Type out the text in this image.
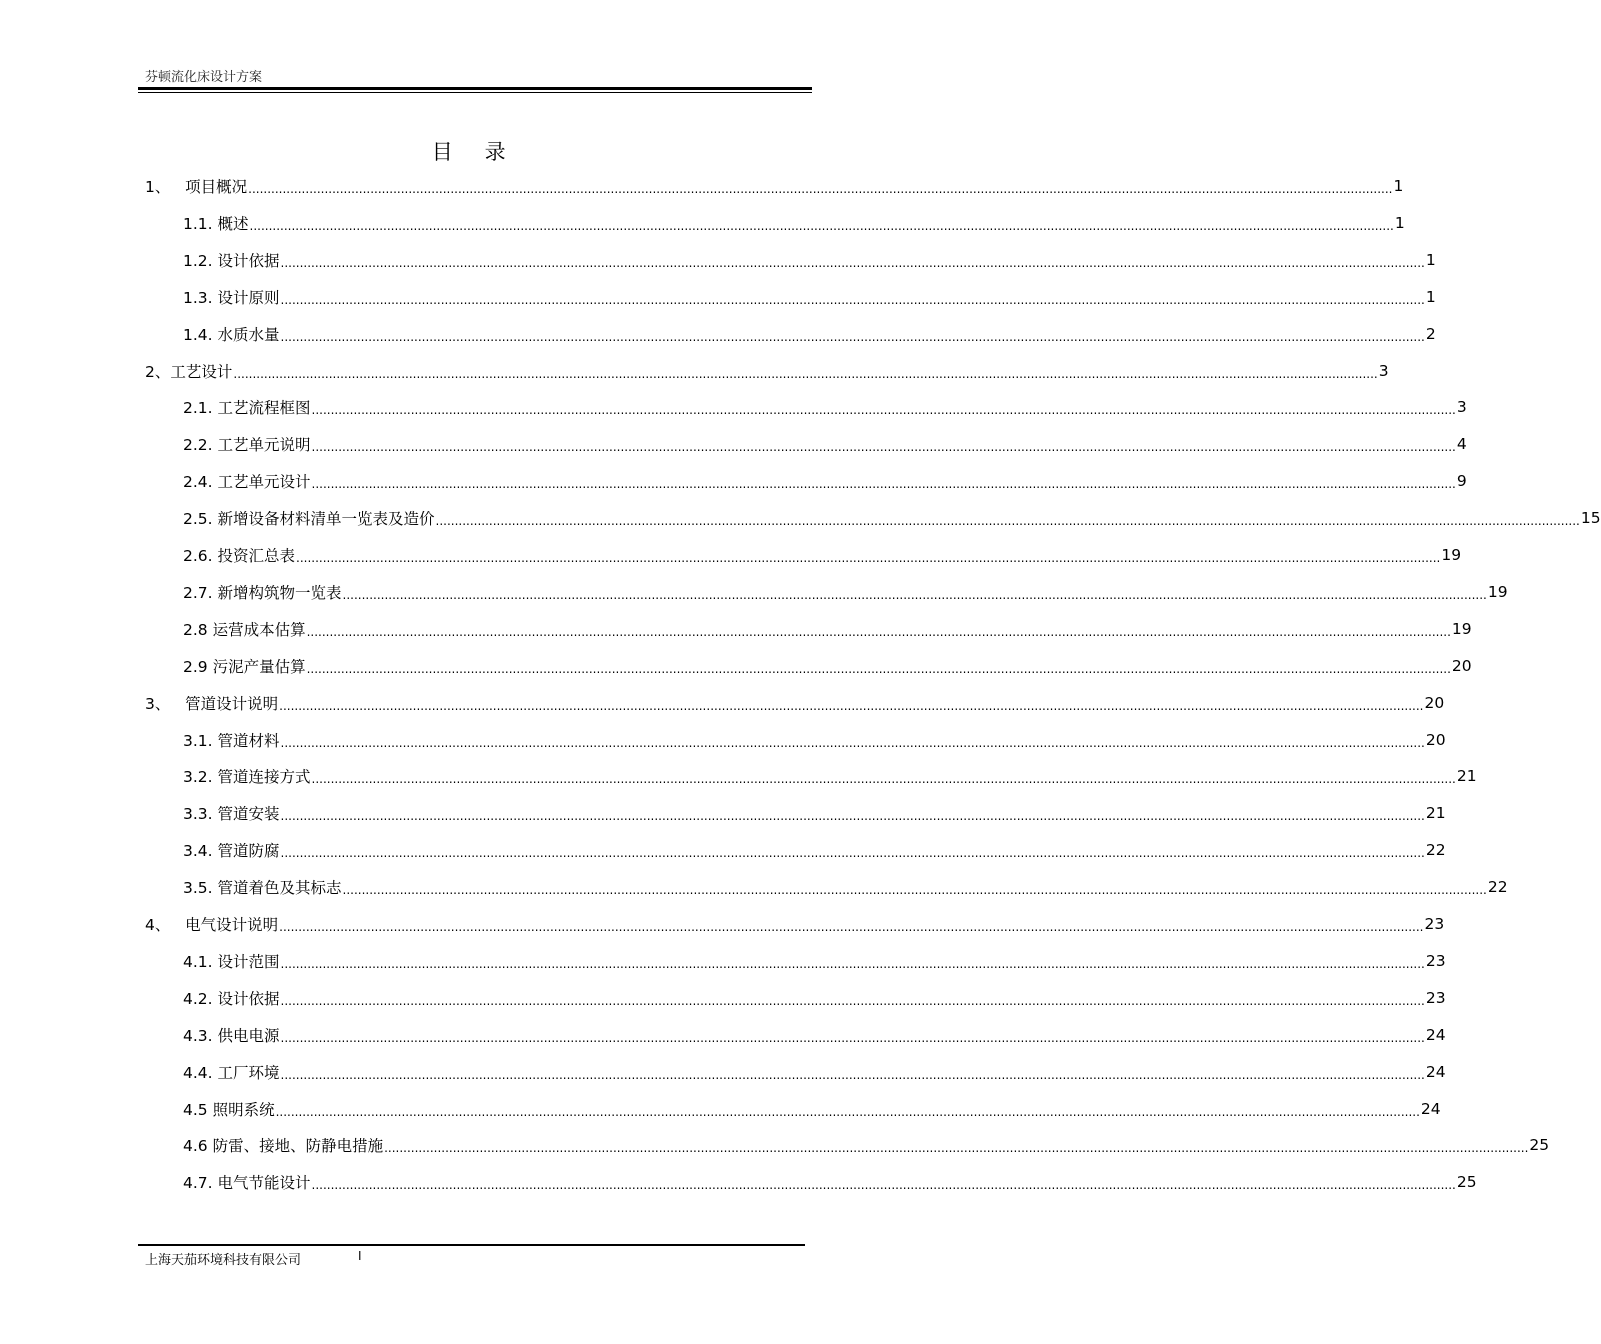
芬顿流化床设计方案
目 录
1、   项目概况 ............................................................................................................................................................................................................................................................................................................ 1
1.1. 概述 ............................................................................................................................................................................................................................................................................................................ 1
1.2. 设计依据 ............................................................................................................................................................................................................................................................................................................ 1
1.3. 设计原则 ............................................................................................................................................................................................................................................................................................................ 1
1.4. 水质水量 ............................................................................................................................................................................................................................................................................................................ 2
2、工艺设计 ............................................................................................................................................................................................................................................................................................................ 3
2.1. 工艺流程框图 ............................................................................................................................................................................................................................................................................................................ 3
2.2. 工艺单元说明 ............................................................................................................................................................................................................................................................................................................ 4
2.4. 工艺单元设计 ............................................................................................................................................................................................................................................................................................................ 9
2.5. 新增设备材料清单一览表及造价 ............................................................................................................................................................................................................................................................................................................ 15
2.6. 投资汇总表 ............................................................................................................................................................................................................................................................................................................ 19
2.7. 新增构筑物一览表 ............................................................................................................................................................................................................................................................................................................ 19
2.8 运营成本估算 ............................................................................................................................................................................................................................................................................................................ 19
2.9 污泥产量估算 ............................................................................................................................................................................................................................................................................................................ 20
3、   管道设计说明 ............................................................................................................................................................................................................................................................................................................ 20
3.1. 管道材料 ............................................................................................................................................................................................................................................................................................................ 20
3.2. 管道连接方式 ............................................................................................................................................................................................................................................................................................................ 21
3.3. 管道安装 ............................................................................................................................................................................................................................................................................................................ 21
3.4. 管道防腐 ............................................................................................................................................................................................................................................................................................................ 22
3.5. 管道着色及其标志 ............................................................................................................................................................................................................................................................................................................ 22
4、   电气设计说明 ............................................................................................................................................................................................................................................................................................................ 23
4.1. 设计范围 ............................................................................................................................................................................................................................................................................................................ 23
4.2. 设计依据 ............................................................................................................................................................................................................................................................................................................ 23
4.3. 供电电源 ............................................................................................................................................................................................................................................................................................................ 24
4.4. 工厂环境 ............................................................................................................................................................................................................................................................................................................ 24
4.5 照明系统 ............................................................................................................................................................................................................................................................................................................ 24
4.6 防雷、接地、防静电措施 ............................................................................................................................................................................................................................................................................................................ 25
4.7. 电气节能设计 ............................................................................................................................................................................................................................................................................................................ 25
上海天茄环境科技有限公司	I
